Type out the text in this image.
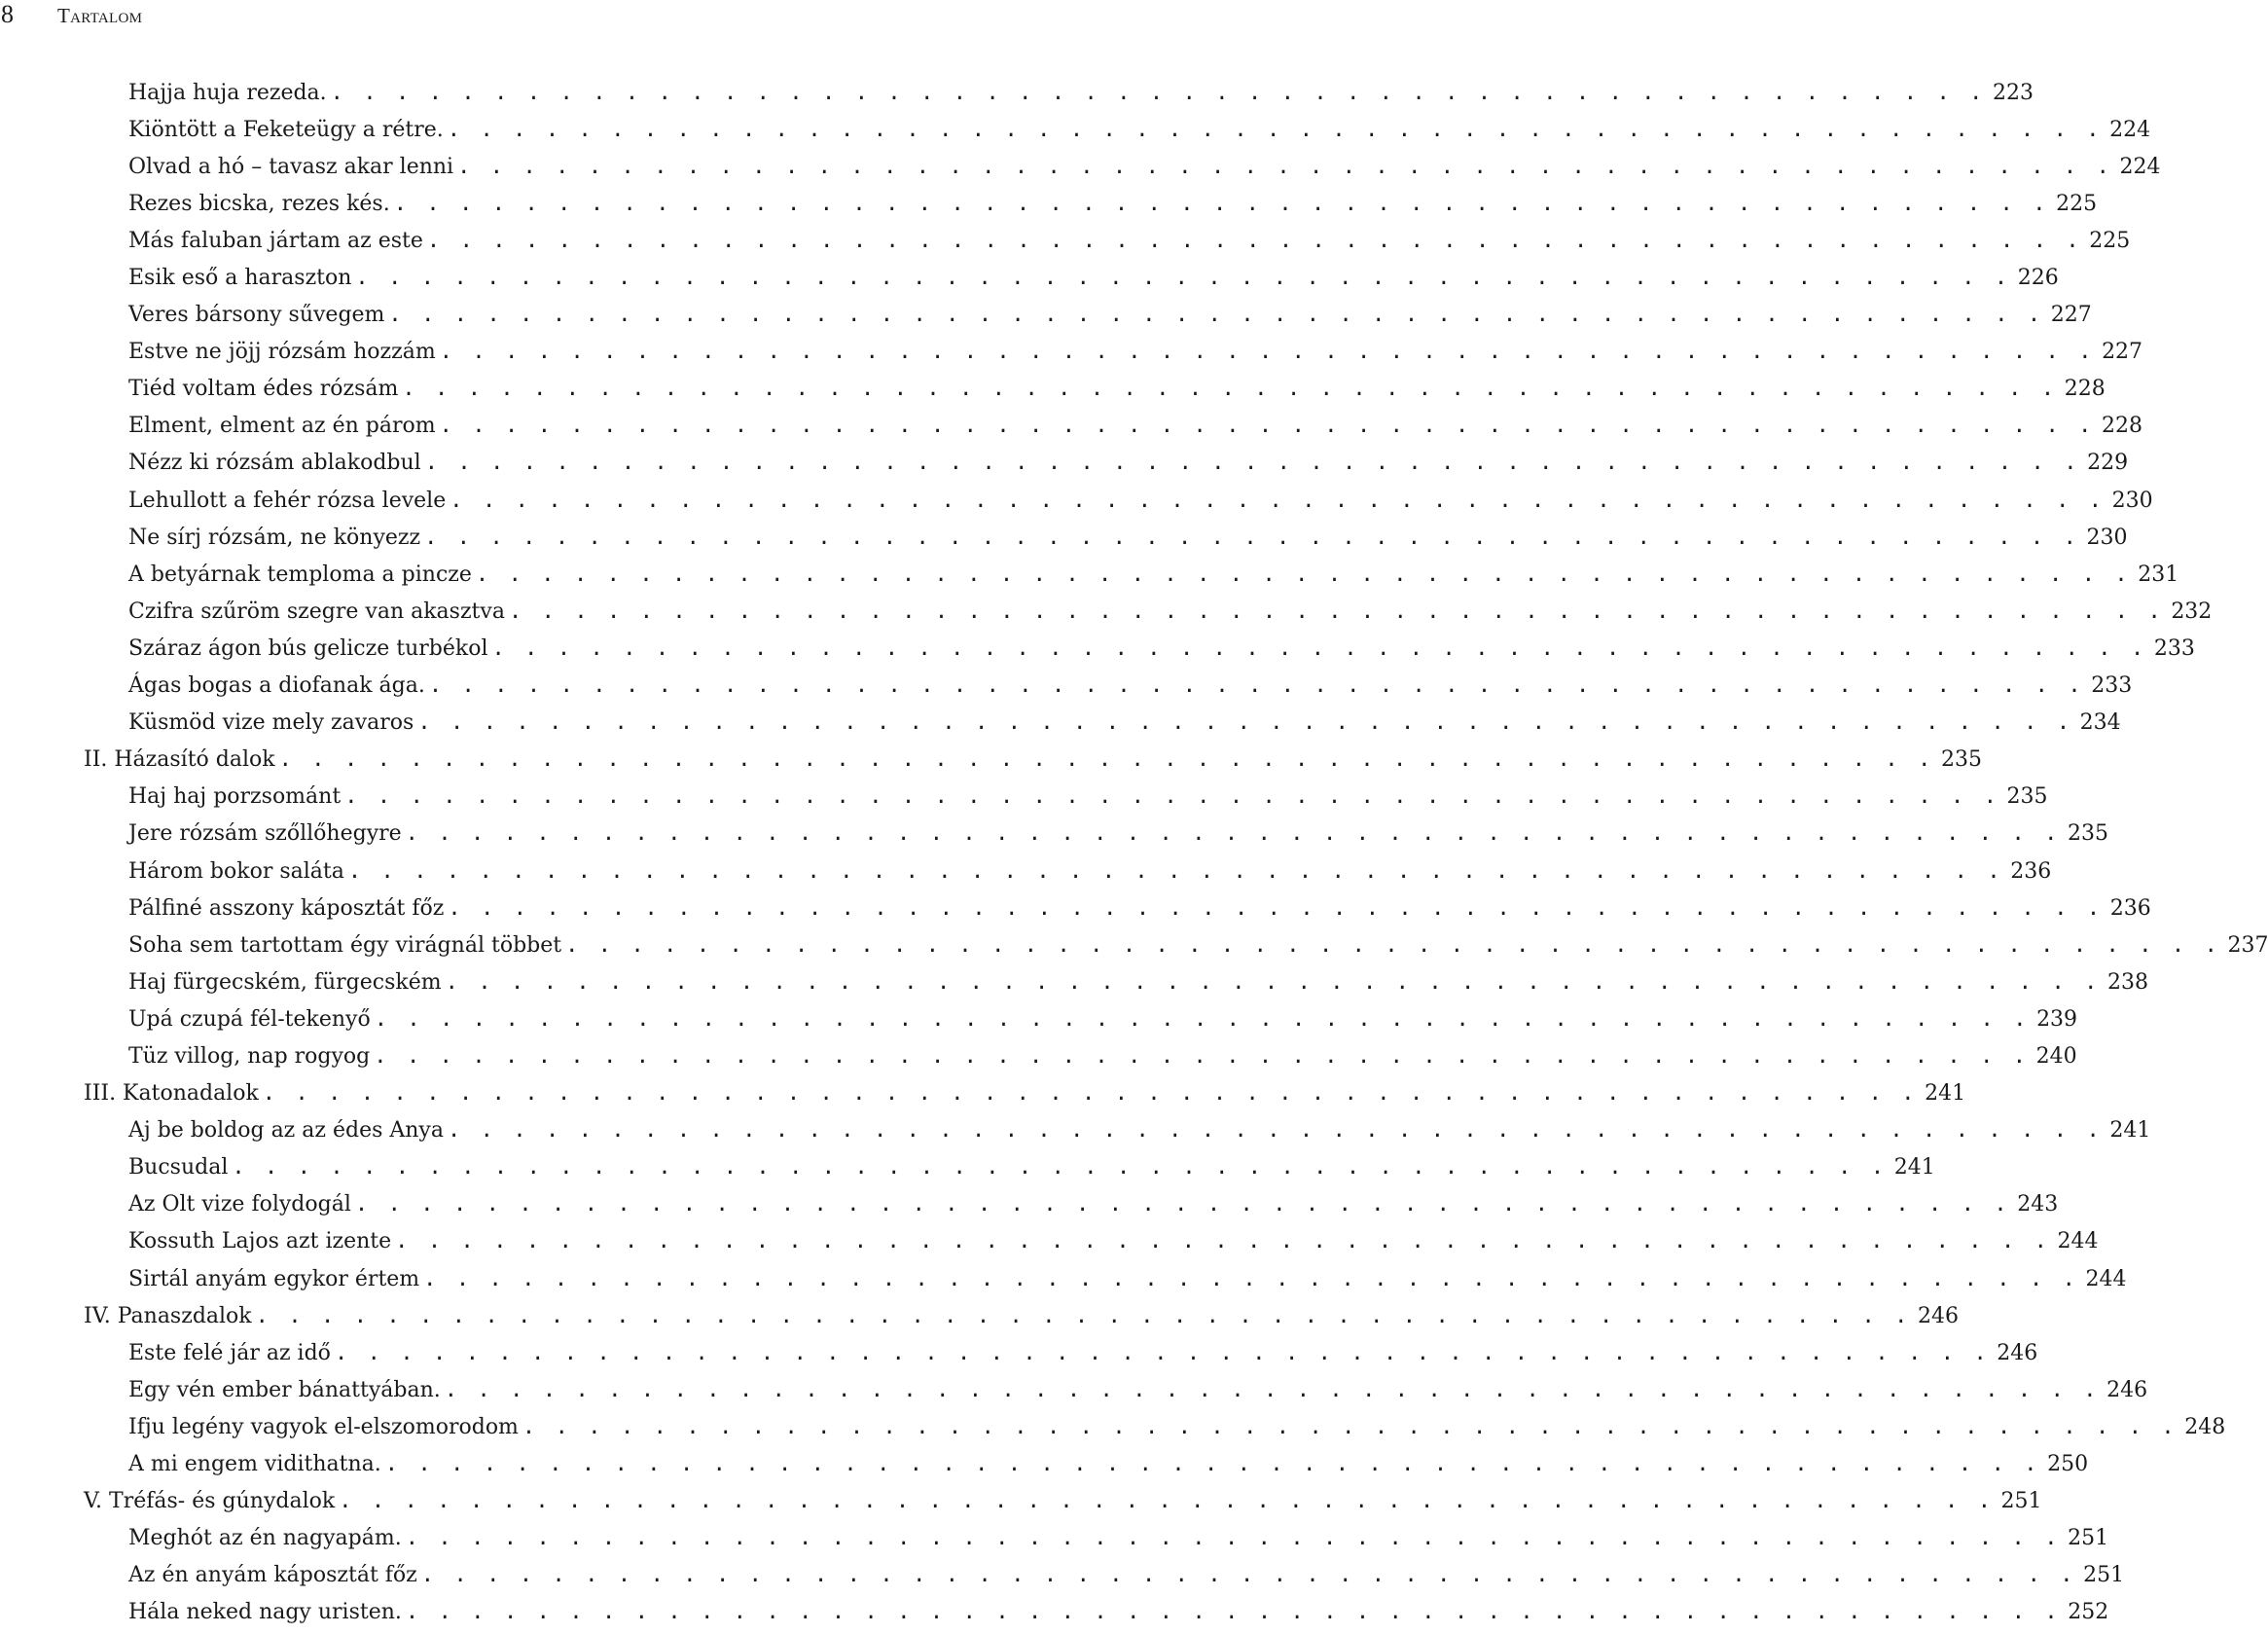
8	Tartalom
Hajja huja rezeda. . . . . . . . . . . . . . . . . . . . . . . . . . . . . . . . . . . . . . . . . . . . . . . . . . . . 223
Kiöntött a Feketeügy a rétre. . . . . . . . . . . . . . . . . . . . . . . . . . . . . . . . . . . . . . . . . . . . . . . . . . . . 224
Olvad a hó – tavasz akar lenni . . . . . . . . . . . . . . . . . . . . . . . . . . . . . . . . . . . . . . . . . . . . . . . . . . . 224
Rezes bicska, rezes kés. . . . . . . . . . . . . . . . . . . . . . . . . . . . . . . . . . . . . . . . . . . . . . . . . . . . 225
Más faluban jártam az este . . . . . . . . . . . . . . . . . . . . . . . . . . . . . . . . . . . . . . . . . . . . . . . . . . . 225
Esik eső a haraszton . . . . . . . . . . . . . . . . . . . . . . . . . . . . . . . . . . . . . . . . . . . . . . . . . . . 226
Veres bársony sűvegem . . . . . . . . . . . . . . . . . . . . . . . . . . . . . . . . . . . . . . . . . . . . . . . . . . . 227
Estve ne jöjj rózsám hozzám . . . . . . . . . . . . . . . . . . . . . . . . . . . . . . . . . . . . . . . . . . . . . . . . . . . 227
Tiéd voltam édes rózsám . . . . . . . . . . . . . . . . . . . . . . . . . . . . . . . . . . . . . . . . . . . . . . . . . . . 228
Elment, elment az én párom . . . . . . . . . . . . . . . . . . . . . . . . . . . . . . . . . . . . . . . . . . . . . . . . . . . 228
Nézz ki rózsám ablakodbul . . . . . . . . . . . . . . . . . . . . . . . . . . . . . . . . . . . . . . . . . . . . . . . . . . . 229
Lehullott a fehér rózsa levele . . . . . . . . . . . . . . . . . . . . . . . . . . . . . . . . . . . . . . . . . . . . . . . . . . . 230
Ne sírj rózsám, ne könyezz . . . . . . . . . . . . . . . . . . . . . . . . . . . . . . . . . . . . . . . . . . . . . . . . . . . 230
A betyárnak temploma a pincze . . . . . . . . . . . . . . . . . . . . . . . . . . . . . . . . . . . . . . . . . . . . . . . . . . . 231
Czifra szűröm szegre van akasztva . . . . . . . . . . . . . . . . . . . . . . . . . . . . . . . . . . . . . . . . . . . . . . . . . . . 232
Száraz ágon bús gelicze turbékol . . . . . . . . . . . . . . . . . . . . . . . . . . . . . . . . . . . . . . . . . . . . . . . . . . . 233
Ágas bogas a diofanak ága. . . . . . . . . . . . . . . . . . . . . . . . . . . . . . . . . . . . . . . . . . . . . . . . . . . . 233
Küsmöd vize mely zavaros . . . . . . . . . . . . . . . . . . . . . . . . . . . . . . . . . . . . . . . . . . . . . . . . . . . 234
II. Házasító dalok . . . . . . . . . . . . . . . . . . . . . . . . . . . . . . . . . . . . . . . . . . . . . . . . . . . 235
Haj haj porzsománt . . . . . . . . . . . . . . . . . . . . . . . . . . . . . . . . . . . . . . . . . . . . . . . . . . . 235
Jere rózsám szőllőhegyre . . . . . . . . . . . . . . . . . . . . . . . . . . . . . . . . . . . . . . . . . . . . . . . . . . . 235
Három bokor saláta . . . . . . . . . . . . . . . . . . . . . . . . . . . . . . . . . . . . . . . . . . . . . . . . . . . 236
Pálfiné asszony káposztát főz . . . . . . . . . . . . . . . . . . . . . . . . . . . . . . . . . . . . . . . . . . . . . . . . . . . 236
Soha sem tartottam égy virágnál többet . . . . . . . . . . . . . . . . . . . . . . . . . . . . . . . . . . . . . . . . . . . . . . . . . . . 237
Haj fürgecském, fürgecském . . . . . . . . . . . . . . . . . . . . . . . . . . . . . . . . . . . . . . . . . . . . . . . . . . . 238
Upá czupá fél-tekenyő . . . . . . . . . . . . . . . . . . . . . . . . . . . . . . . . . . . . . . . . . . . . . . . . . . . 239
Tüz villog, nap rogyog . . . . . . . . . . . . . . . . . . . . . . . . . . . . . . . . . . . . . . . . . . . . . . . . . . . 240
III. Katonadalok . . . . . . . . . . . . . . . . . . . . . . . . . . . . . . . . . . . . . . . . . . . . . . . . . . . 241
Aj be boldog az az édes Anya . . . . . . . . . . . . . . . . . . . . . . . . . . . . . . . . . . . . . . . . . . . . . . . . . . . 241
Bucsudal . . . . . . . . . . . . . . . . . . . . . . . . . . . . . . . . . . . . . . . . . . . . . . . . . . . 241
Az Olt vize folydogál . . . . . . . . . . . . . . . . . . . . . . . . . . . . . . . . . . . . . . . . . . . . . . . . . . . 243
Kossuth Lajos azt izente . . . . . . . . . . . . . . . . . . . . . . . . . . . . . . . . . . . . . . . . . . . . . . . . . . . 244
Sirtál anyám egykor értem . . . . . . . . . . . . . . . . . . . . . . . . . . . . . . . . . . . . . . . . . . . . . . . . . . . 244
IV. Panaszdalok . . . . . . . . . . . . . . . . . . . . . . . . . . . . . . . . . . . . . . . . . . . . . . . . . . . 246
Este felé jár az idő . . . . . . . . . . . . . . . . . . . . . . . . . . . . . . . . . . . . . . . . . . . . . . . . . . . 246
Egy vén ember bánattyában. . . . . . . . . . . . . . . . . . . . . . . . . . . . . . . . . . . . . . . . . . . . . . . . . . . . 246
Ifju legény vagyok el-elszomorodom . . . . . . . . . . . . . . . . . . . . . . . . . . . . . . . . . . . . . . . . . . . . . . . . . . . 248
A mi engem vidithatna. . . . . . . . . . . . . . . . . . . . . . . . . . . . . . . . . . . . . . . . . . . . . . . . . . . . 250
V. Tréfás- és gúnydalok . . . . . . . . . . . . . . . . . . . . . . . . . . . . . . . . . . . . . . . . . . . . . . . . . . . 251
Meghót az én nagyapám. . . . . . . . . . . . . . . . . . . . . . . . . . . . . . . . . . . . . . . . . . . . . . . . . . . . 251
Az én anyám káposztát főz . . . . . . . . . . . . . . . . . . . . . . . . . . . . . . . . . . . . . . . . . . . . . . . . . . . 251
Hála neked nagy uristen. . . . . . . . . . . . . . . . . . . . . . . . . . . . . . . . . . . . . . . . . . . . . . . . . . . . 252
